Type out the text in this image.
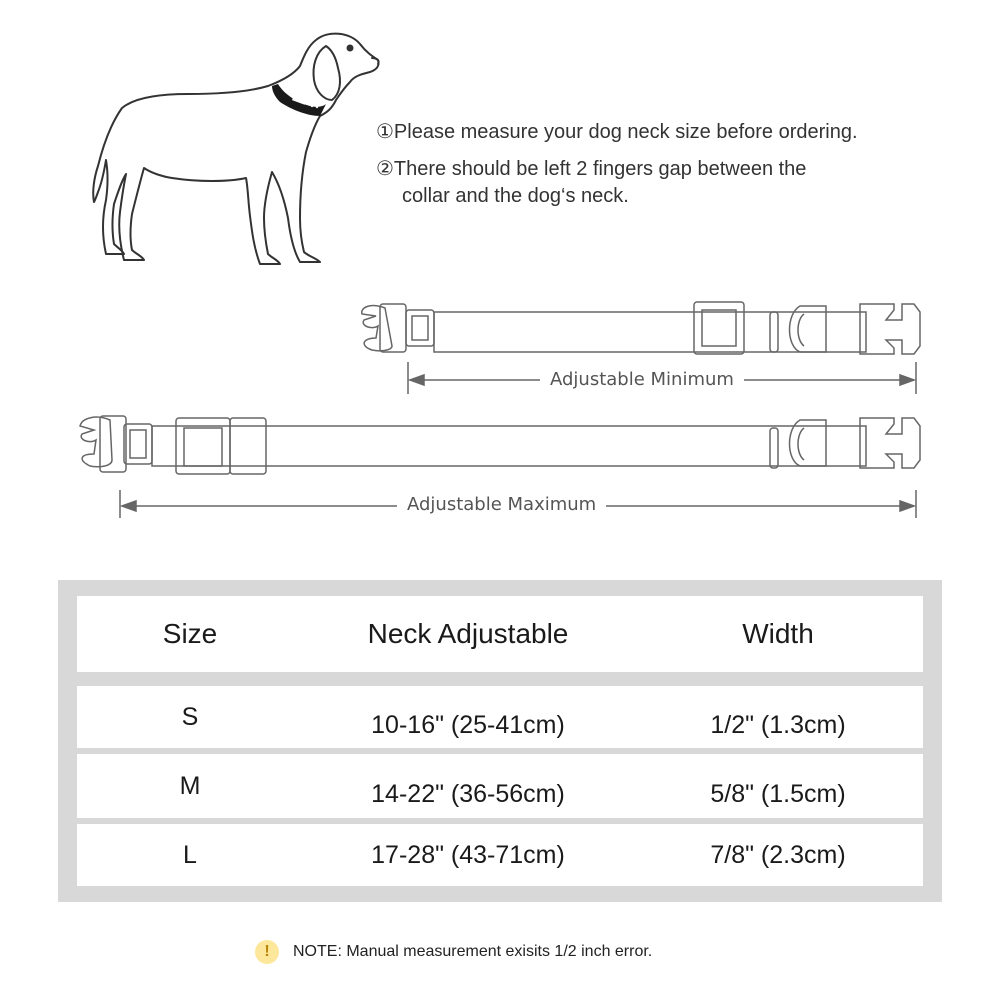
①Please measure your dog neck size before ordering.
②There should be left 2 fingers gap between the
collar and the dog‘s neck.
Adjustable Minimum
Adjustable Maximum
Size	Neck Adjustable	Width
S	10-16" (25-41cm)	1/2" (1.3cm)
M	14-22" (36-56cm)	5/8" (1.5cm)
L	17-28" (43-71cm)	7/8" (2.3cm)
!	NOTE: Manual measurement exisits 1/2 inch error.
